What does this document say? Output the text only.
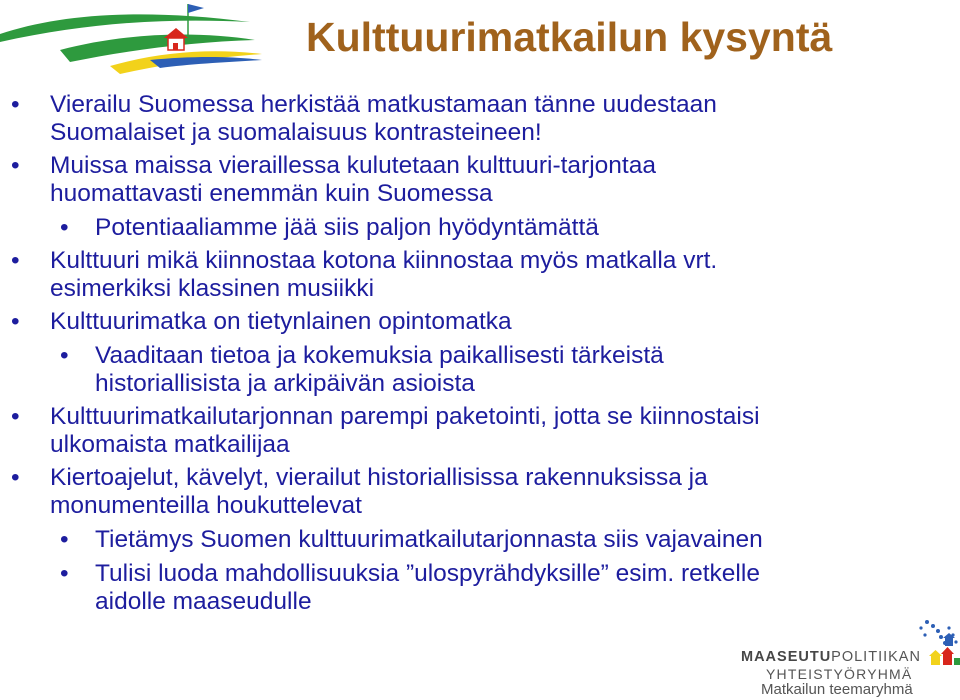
Kulttuurimatkailun kysyntä
• Vierailu Suomessa herkistää matkustamaan tänne uudestaan
Suomalaiset ja suomalaisuus kontrasteineen!
• Muissa maissa vieraillessa kulutetaan kulttuuri-tarjontaa
huomattavasti enemmän kuin Suomessa
• Potentiaaliamme jää siis paljon hyödyntämättä
• Kulttuuri mikä kiinnostaa kotona kiinnostaa myös matkalla vrt.
esimerkiksi klassinen musiikki
• Kulttuurimatka on tietynlainen opintomatka
• Vaaditaan tietoa ja kokemuksia paikallisesti tärkeistä
historiallisista ja arkipäivän asioista
• Kulttuurimatkailutarjonnan parempi paketointi, jotta se kiinnostaisi
ulkomaista matkailijaa
• Kiertoajelut, kävelyt, vierailut historiallisissa rakennuksissa ja
monumenteilla houkuttelevat
• Tietämys Suomen kulttuurimatkailutarjonnasta siis vajavainen
• Tulisi luoda mahdollisuuksia ”ulospyrähdyksille” esim. retkelle
aidolle maaseudulle
MAASEUTUPOLITIIKAN
YHTEISTYÖRYHMÄ
Matkailun teemaryhmä
